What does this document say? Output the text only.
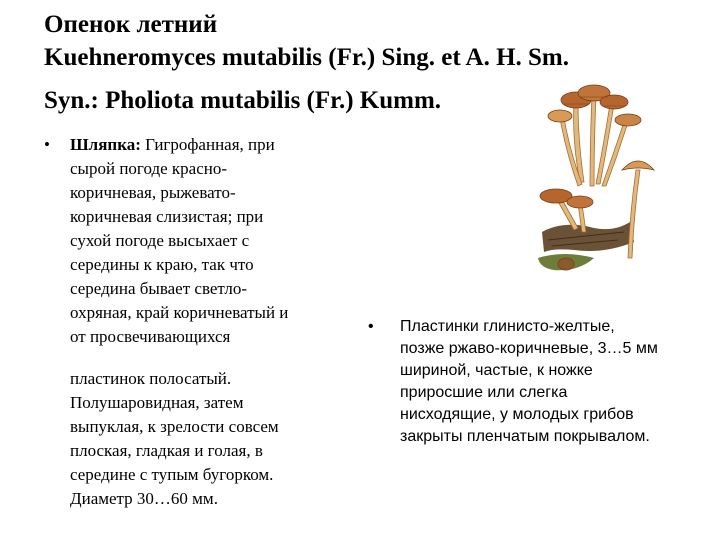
Опенок летний
Kuehneromyces mutabilis (Fr.) Sing. et A. H. Sm.
Syn.: Pholiota mutabilis (Fr.) Kumm.
• Шляпка: Гигрофанная, при
сырой погоде красно-
коричневая, рыжевато-
коричневая слизистая; при
сухой погоде высыхает с
середины к краю, так что
середина бывает светло-
охряная, край коричневатый и
от просвечивающихся
пластинок полосатый.
Полушаровидная, затем
выпуклая, к зрелости совсем
плоская, гладкая и голая, в
середине с тупым бугорком.
Диаметр 30…60 мм.
• Пластинки глинисто-желтые,
позже ржаво-коричневые, 3…5 мм
шириной, частые, к ножке
приросшие или слегка
нисходящие, у молодых грибов
закрыты пленчатым покрывалом.
